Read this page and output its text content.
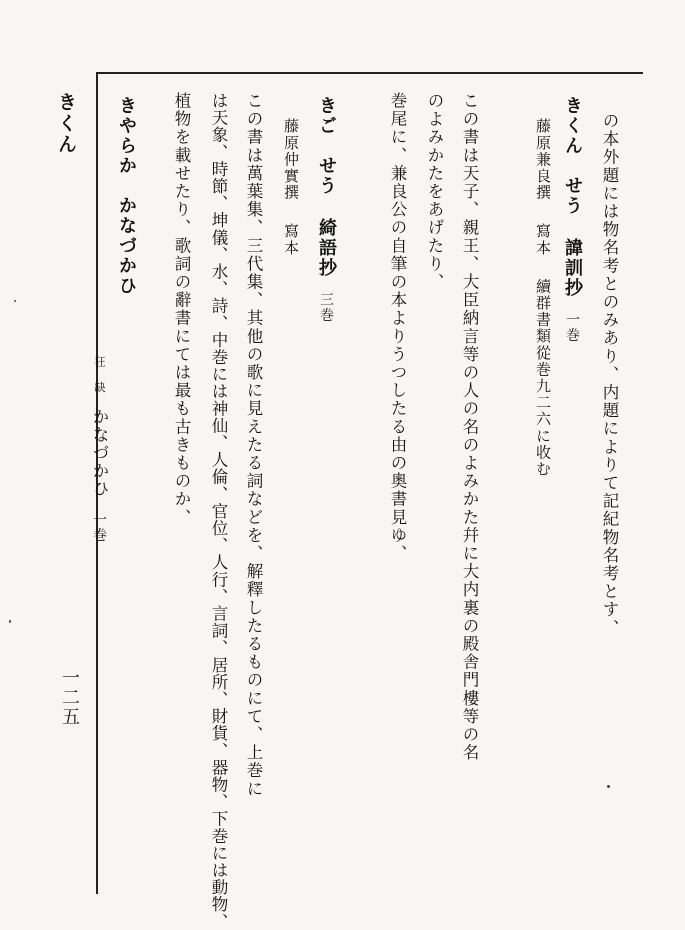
きくん
一二五
の本外題には物名考とのみあり、内題によりて記紀物名考とす、
きくん　せう諱訓抄一巻
藤原兼良撰寫本續群書類從巻九二六に收む
この書は天子、親王、大臣納言等の人の名のよみかた幷に大内裏の殿舎門樓等の名
のよみかたをあげたり、
巻尾に、兼良公の自筆の本よりうつしたる由の奧書見ゆ、
きご　せう綺語抄三巻
藤原仲實撰寫本
この書は萬葉集、三代集、其他の歌に見えたる詞などを、解釋したるものにて、上巻に
は天象、時節、坤儀、水、詩、中巻には神仙、人倫、官位、人行、言詞、居所、財貨、器物、下巻には動物、
植物を載せたり、歌詞の辭書にては最も古きものか、
きやらか　かなづかひ
狂　缺かなづかひ一巻
